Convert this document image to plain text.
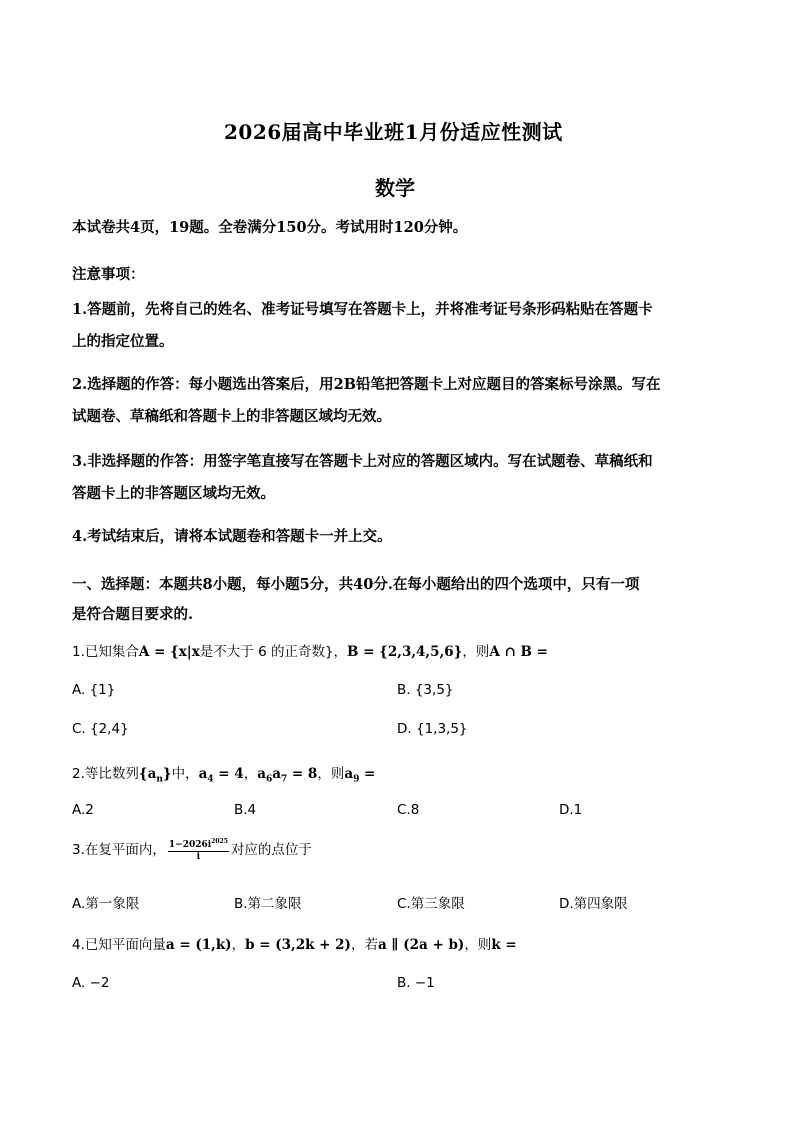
2026届高中毕业班1月份适应性测试
数学
本试卷共4页，19题。全卷满分150分。考试用时120分钟。
注意事项：
1.答题前，先将自己的姓名、准考证号填写在答题卡上，并将准考证号条形码粘贴在答题卡
上的指定位置。
2.选择题的作答：每小题选出答案后，用2B铅笔把答题卡上对应题目的答案标号涂黑。写在
试题卷、草稿纸和答题卡上的非答题区域均无效。
3.非选择题的作答：用签字笔直接写在答题卡上对应的答题区域内。写在试题卷、草稿纸和
答题卡上的非答题区域均无效。
4.考试结束后，请将本试题卷和答题卡一并上交。
一、选择题：本题共8小题，每小题5分，共40分.在每小题给出的四个选项中，只有一项
是符合题目要求的.
1.已知集合A = {x|x是不大于 6 的正奇数}，B = {2,3,4,5,6}，则A ∩ B =
A. {1}	B. {3,5}
C. {2,4}	D. {1,3,5}
2.等比数列$\{a_n\}$中，$a_4 = 4$，$a_6a_7 = 8$，则$a_9$ =
A.2	B.4	C.8	D.1
3.在复平面内， $\frac{1-2026i^{2025}}{i}$ 对应的点位于
A.第一象限	B.第二象限	C.第三象限	D.第四象限
4.已知平面向量a = (1,k)，b = (3,2k + 2)，若a ∥ (2a + b)，则k =
A. −2	B. −1
